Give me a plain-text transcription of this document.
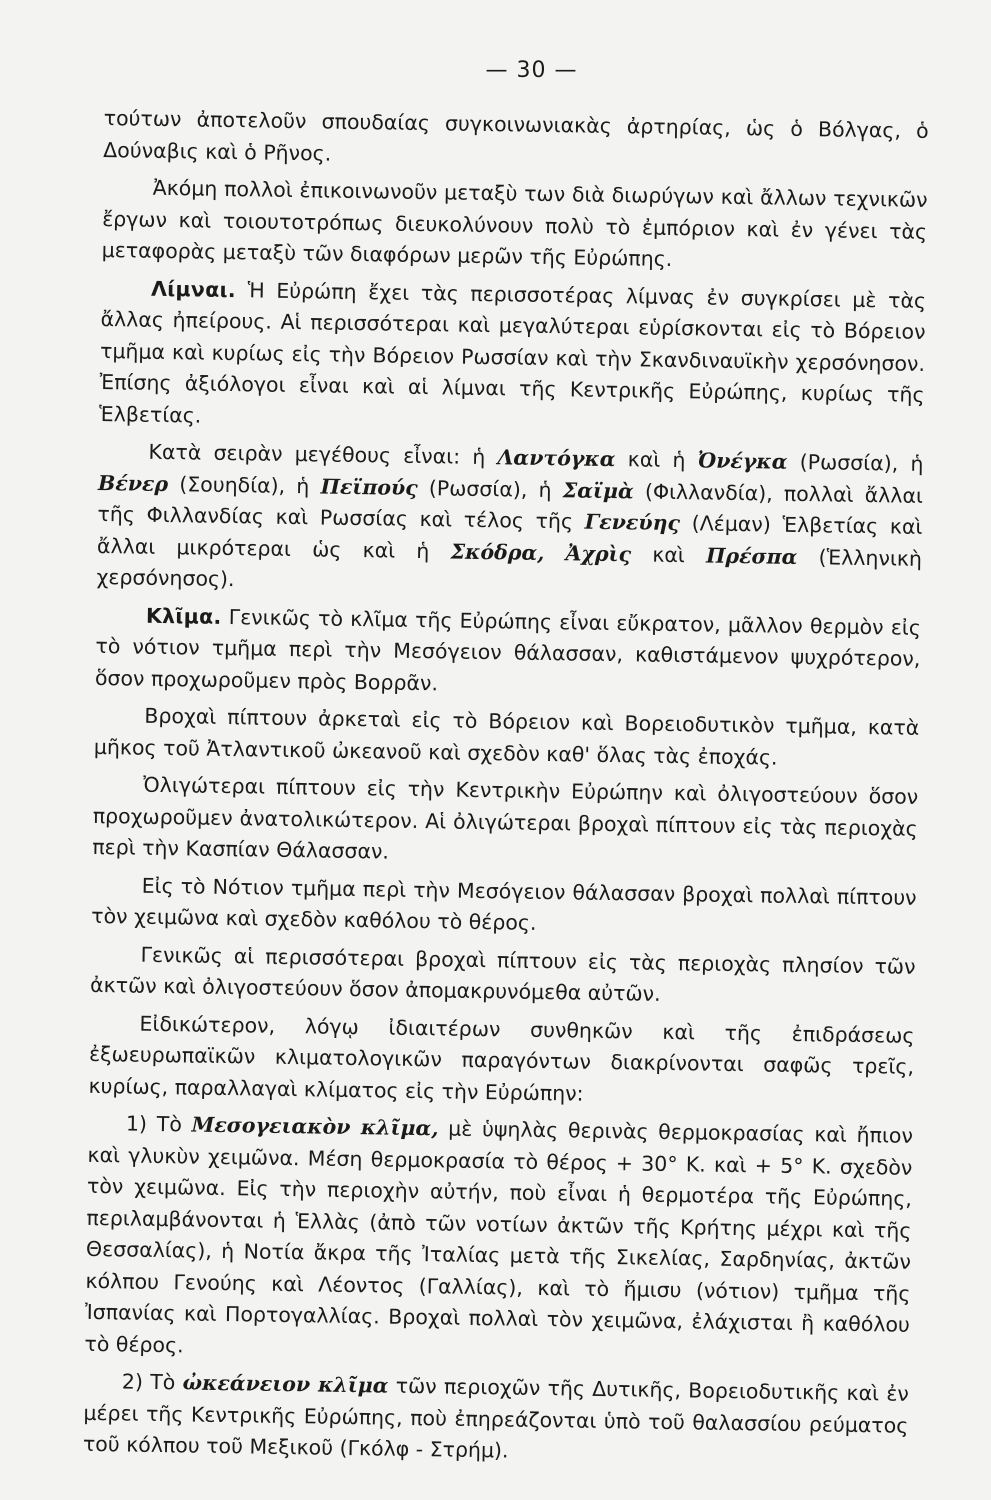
— 30 —

τούτων ἀποτελοῦν σπουδαίας συγκοινωνιακὰς ἀρτηρίας, ὡς ὁ Βόλγας, ὁ Δούναβις καὶ ὁ Ρῆνος.

Ἀκόμη πολλοὶ ἐπικοινωνοῦν μεταξὺ των διὰ διωρύγων καὶ ἄλλων τεχνικῶν ἔργων καὶ τοιουτοτρόπως διευκολύνουν πολὺ τὸ ἐμπόριον καὶ ἐν γένει τὰς μεταφορὰς μεταξὺ τῶν διαφόρων μερῶν τῆς Εὐρώπης.

Λίμναι. Ἡ Εὐρώπη ἔχει τὰς περισσοτέρας λίμνας ἐν συγκρίσει μὲ τὰς ἄλλας ἠπείρους. Αἱ περισσότεραι καὶ μεγαλύτεραι εὑρίσκονται εἰς τὸ Βόρειον τμῆμα καὶ κυρίως εἰς τὴν Βόρειον Ρωσσίαν καὶ τὴν Σκανδιναυϊκὴν χερσόνησον. Ἐπίσης ἀξιόλογοι εἶναι καὶ αἱ λίμναι τῆς Κεντρικῆς Εὐρώπης, κυρίως τῆς Ἑλβετίας.

Κατὰ σειρὰν μεγέθους εἶναι: ἡ Λαντόγκα καὶ ἡ Ὀνέγκα (Ρωσσία), ἡ Βένερ (Σουηδία), ἡ Πεϊπούς (Ρωσσία), ἡ Σαϊμὰ (Φιλλανδία), πολλαὶ ἄλλαι τῆς Φιλλανδίας καὶ Ρωσσίας καὶ τέλος τῆς Γενεύης (Λέμαν) Ἑλβετίας καὶ ἄλλαι μικρότεραι ὡς καὶ ἡ Σκόδρα, Ἀχρὶς καὶ Πρέσπα (Ἑλληνικὴ χερσόνησος).

Κλῖμα. Γενικῶς τὸ κλῖμα τῆς Εὐρώπης εἶναι εὔκρατον, μᾶλλον θερμὸν εἰς τὸ νότιον τμῆμα περὶ τὴν Μεσόγειον θάλασσαν, καθιστάμενον ψυχρότερον, ὅσον προχωροῦμεν πρὸς Βορρᾶν.

Βροχαὶ πίπτουν ἀρκεταὶ εἰς τὸ Βόρειον καὶ Βορειοδυτικὸν τμῆμα, κατὰ μῆκος τοῦ Ἀτλαντικοῦ ὠκεανοῦ καὶ σχεδὸν καθ' ὅλας τὰς ἐποχάς.

Ὀλιγώτεραι πίπτουν εἰς τὴν Κεντρικὴν Εὐρώπην καὶ ὀλιγοστεύουν ὅσον προχωροῦμεν ἀνατολικώτερον. Αἱ ὀλιγώτεραι βροχαὶ πίπτουν εἰς τὰς περιοχὰς περὶ τὴν Κασπίαν Θάλασσαν.

Εἰς τὸ Νότιον τμῆμα περὶ τὴν Μεσόγειον θάλασσαν βροχαὶ πολλαὶ πίπτουν τὸν χειμῶνα καὶ σχεδὸν καθόλου τὸ θέρος.

Γενικῶς αἱ περισσότεραι βροχαὶ πίπτουν εἰς τὰς περιοχὰς πλησίον τῶν ἀκτῶν καὶ ὀλιγοστεύουν ὅσον ἀπομακρυνόμεθα αὐτῶν.

Εἰδικώτερον, λόγῳ ἰδιαιτέρων συνθηκῶν καὶ τῆς ἐπιδράσεως ἐξωευρωπαϊκῶν κλιματολογικῶν παραγόντων διακρίνονται σαφῶς τρεῖς, κυρίως, παραλλαγαὶ κλίματος εἰς τὴν Εὐρώπην:

1) Τὸ Μεσογειακὸν κλῖμα, μὲ ὑψηλὰς θερινὰς θερμοκρασίας καὶ ἤπιον καὶ γλυκὺν χειμῶνα. Μέση θερμοκρασία τὸ θέρος + 30° Κ. καὶ + 5° Κ. σχεδὸν τὸν χειμῶνα. Εἰς τὴν περιοχὴν αὐτήν, ποὺ εἶναι ἡ θερμοτέρα τῆς Εὐρώπης, περιλαμβάνονται ἡ Ἑλλὰς (ἀπὸ τῶν νοτίων ἀκτῶν τῆς Κρήτης μέχρι καὶ τῆς Θεσσαλίας), ἡ Νοτία ἄκρα τῆς Ἰταλίας μετὰ τῆς Σικελίας, Σαρδηνίας, ἀκτῶν κόλπου Γενούης καὶ Λέοντος (Γαλλίας), καὶ τὸ ἥμισυ (νότιον) τμῆμα τῆς Ἰσπανίας καὶ Πορτογαλλίας. Βροχαὶ πολλαὶ τὸν χειμῶνα, ἐλάχισται ἢ καθόλου τὸ θέρος.

2) Τὸ ὠκεάνειον κλῖμα τῶν περιοχῶν τῆς Δυτικῆς, Βορειοδυτικῆς καὶ ἐν μέρει τῆς Κεντρικῆς Εὐρώπης, ποὺ ἐπηρεάζονται ὑπὸ τοῦ θαλασσίου ρεύματος τοῦ κόλπου τοῦ Μεξικοῦ (Γκόλφ - Στρήμ).
